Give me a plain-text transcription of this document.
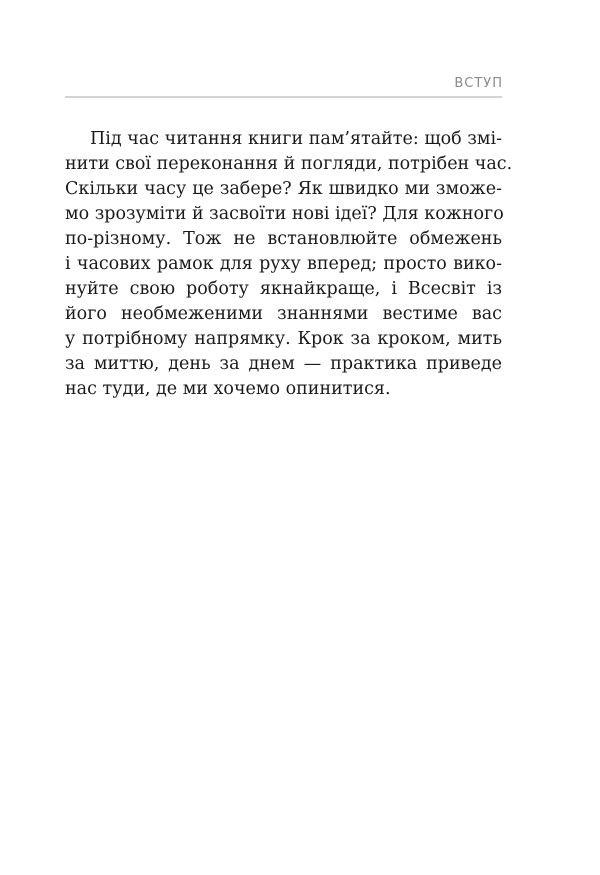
ВСТУП
Під час читання книги пам’ятайте: щоб змі-
нити свої переконання й погляди, потрібен час.
Скільки часу це забере? Як швидко ми зможе-
мо зрозуміти й засвоїти нові ідеї? Для кожного
по-різному. Тож не встановлюйте обмежень
і часових рамок для руху вперед; просто вико-
нуйте свою роботу якнайкраще, і Всесвіт із
його необмеженими знаннями вестиме вас
у потрібному напрямку. Крок за кроком, мить
за миттю, день за днем — практика приведе
нас туди, де ми хочемо опинитися.
